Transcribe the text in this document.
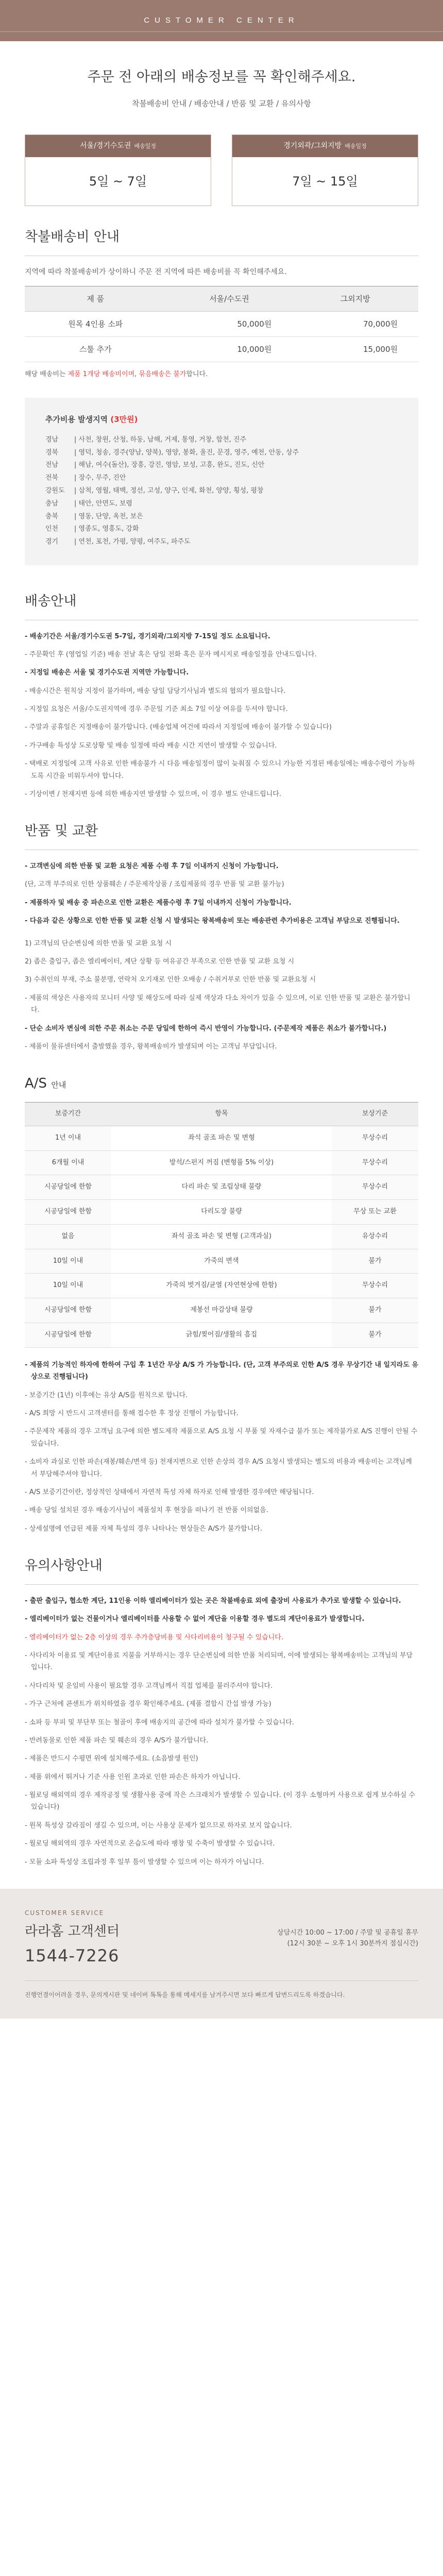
CUSTOMER CENTER
주문 전 아래의 배송정보를 꼭 확인해주세요.
착불배송비 안내 / 배송안내 / 반품 및 교환 / 유의사항
서울/경기수도권 배송일정
5일 ~ 7일
경기외곽/그외지방 배송일정
7일 ~ 15일
착불배송비 안내
지역에 따라 착불배송비가 상이하니 주문 전 지역에 따른 배송비를 꼭 확인해주세요.
제 품	서울/수도권	그외지방
원목 4인용 소파	50,000원	70,000원
스툴 추가	10,000원	15,000원
해당 배송비는 제품 1개당 배송비이며, 묶음배송은 불가합니다.
추가비용 발생지역 (3만원)
경남	| 사천, 창원, 산청, 하동, 남해, 거제, 통영, 거창, 합천, 진주
경북	| 영덕, 청송, 경주(양남, 양북), 영양, 봉화, 울진, 문경, 영주, 예천, 안동, 상주
전남	| 해남, 여수(돌산), 장흥, 강진, 영암, 보성, 고흥, 완도, 진도, 신안
전북	| 장수, 무주, 진안
강원도	| 삼척, 영월, 태백, 정선, 고성, 양구, 인제, 화천, 양양, 횡성, 평창
충남	| 태안, 안면도, 보령
충북	| 영동, 단양, 옥천, 보은
인천	| 영종도, 영흥도, 강화
경기	| 연천, 포천, 가평, 양평, 여주도, 파주도
배송안내
- 배송기간은 서울/경기수도권 5-7일, 경기외곽/그외지방 7-15일 정도 소요됩니다.
- 주문확인 후 (영업일 기준) 배송 전날 혹은 당일 전화 혹은 문자 메시지로 배송일정을 안내드립니다.
- 지정일 배송은 서울 및 경기수도권 지역만 가능합니다.
- 배송시간은 원칙상 지정이 불가하며, 배송 당일 담당기사님과 별도의 협의가 필요합니다.
- 지정일 요청은 서울/수도권지역에 경우 주문일 기준 최소 7일 이상 여유를 두셔야 합니다.
- 주말과 공휴일은 지정배송이 불가합니다. (배송업체 여건에 따라서 지정일에 배송이 불가할 수 있습니다)
- 가구배송 특성상 도로상황 및 배송 일정에 따라 배송 시간 지연이 발생할 수 있습니다.
- 택배로 지정일에 고객 사유로 인한 배송불가 시 다음 배송일정이 많이 늦춰질 수 있으니 가능한 지정된 배송일에는 배송수령이 가능하도록 시간을 비워두셔야 합니다.
- 기상이변 / 천재지변 등에 의한 배송지연 발생할 수 있으며, 이 경우 별도 안내드립니다.
반품 및 교환
- 고객변심에 의한 반품 및 교환 요청은 제품 수령 후 7일 이내까지 신청이 가능합니다.
(단, 고객 부주의로 인한 상품훼손 / 주문제작상품 / 조립제품의 경우 반품 및 교환 불가능)
- 제품하자 및 배송 중 파손으로 인한 교환은 제품수령 후 7일 이내까지 신청이 가능합니다.
- 다음과 같은 상황으로 인한 반품 및 교환 신청 시 발생되는 왕복배송비 또는 배송관련 추가비용은 고객님 부담으로 진행됩니다.
1) 고객님의 단순변심에 의한 반품 및 교환 요청 시
2) 좁은 출입구, 좁은 엘리베이터, 계단 상황 등 여유공간 부족으로 인한 반품 및 교환 요청 시
3) 수취인의 부재, 주소 불분명, 연락처 오기재로 인한 오배송 / 수취거부로 인한 반품 및 교환요청 시
- 제품의 색상은 사용자의 모니터 사양 및 해상도에 따라 실제 색상과 다소 차이가 있을 수 있으며, 이로 인한 반품 및 교환은 불가합니다.
- 단순 소비자 변심에 의한 주문 취소는 주문 당일에 한하여 즉시 반영이 가능합니다. (주문제작 제품은 취소가 불가합니다.)
- 제품이 물류센터에서 출발했을 경우, 왕복배송비가 발생되며 이는 고객님 부담입니다.
A/S 안내
보증기간	항목	보상기준
1년 이내	좌석 골조 파손 및 변형	무상수리
6개월 이내	방석/스펀지 꺼짐 (변형률 5% 이상)	무상수리
시공당일에 한함	다리 파손 및 조립상태 불량	무상수리
시공당일에 한함	다리도장 불량	무상 또는 교환
없음	좌석 골조 파손 및 변형 (고객과실)	유상수리
10일 이내	가죽의 변색	불가
10일 이내	가죽의 벗겨짐/균열 (자연현상에 한함)	무상수리
시공당일에 한함	제봉선 마감상태 불량	불가
시공당일에 한함	긁힘/찢어짐/생활의 흠집	불가
- 제품의 기능적인 하자에 한하여 구입 후 1년간 무상 A/S 가 가능합니다. (단, 고객 부주의로 인한 A/S 경우 무상기간 내 일지라도 유상으로 진행됩니다)
- 보증기간 (1년) 이후에는 유상 A/S를 원칙으로 합니다.
- A/S 희망 시 반드시 고객센터를 통해 접수한 후 정상 진행이 가능합니다.
- 주문제작 제품의 경우 고객님 요구에 의한 별도제작 제품으로 A/S 요청 시 부품 및 자재수급 불가 또는 제작불가로 A/S 진행이 안될 수 있습니다.
- 소비자 과실로 인한 파손(재봉/훼손/변색 등) 천재지변으로 인한 손상의 경우 A/S 요청시 발생되는 별도의 비용과 배송비는 고객님께서 부담해주셔야 합니다.
- A/S 보증기간이란, 정상적인 상태에서 자연적 특성 자체 하자로 인해 발생한 경우에만 해당됩니다.
- 배송 당일 설치된 경우 배송기사님이 제품설치 후 현장을 떠나기 전 반품 이의없음.
- 상세설명에 언급된 제품 자체 특성의 경우 나타나는 현상들은 A/S가 불가합니다.
유의사항안내
- 출판 출입구, 협소한 계단, 11인용 이하 엘리베이터가 있는 곳은 착불배송료 외에 출장비 사용료가 추가로 발생할 수 있습니다.
- 엘리베이터가 없는 건물이거나 엘리베이터를 사용할 수 없어 계단을 이용할 경우 별도의 계단이용료가 발생합니다.
- 엘리베이터가 없는 2층 이상의 경우 추가층당비용 및 사다리비용이 청구될 수 있습니다.
- 사다리차 이용료 및 계단이용료 지불을 거부하시는 경우 단순변심에 의한 반품 처리되며, 이에 발생되는 왕복배송비는 고객님의 부담입니다.
- 사다리차 및 운임비 사용이 필요할 경우 고객님께서 직접 업체를 불러주셔야 합니다.
- 가구 근처에 콘센트가 위치하였을 경우 확인해주세요. (제품 결합시 간섭 발생 가능)
- 소파 등 부피 및 부단부 또는 철골이 후에 배송지의 공간에 따라 설치가 불가할 수 있습니다.
- 반려동물로 인한 제품 파손 및 훼손의 경우 A/S가 불가합니다.
- 제품은 반드시 수평면 위에 설치해주세요. (소음발생 원인)
- 제품 위에서 뛰거나 기준 사용 인원 초과로 인한 파손은 하자가 아닙니다.
- 월로딩 해외역의 경우 제작공정 및 생활사용 중에 작은 스크래치가 발생할 수 있습니다. (이 경우 소형마커 사용으로 쉽게 보수하실 수 있습니다)
- 원목 특성상 갈라짐이 생길 수 있으며, 이는 사용상 문제가 없으므로 하자로 보지 않습니다.
- 월로딩 해외역의 경우 자연적으로 온습도에 따라 팽창 및 수축이 발생할 수 있습니다.
- 모듈 소파 특성상 조립과정 후 일부 틈이 발생할 수 있으며 이는 하자가 아닙니다.
CUSTOMER SERVICE
라라홈 고객센터
1544-7226
상담시간 10:00 ~ 17:00 / 주말 및 공휴일 휴무
(12시 30분 ~ 오후 1시 30분까지 점심시간)
진행언결이어려울 경우, 문의게시판 및 네이버 톡톡을 통해 메세지를 남겨주시면 보다 빠르게 답변드리도록 하겠습니다.
